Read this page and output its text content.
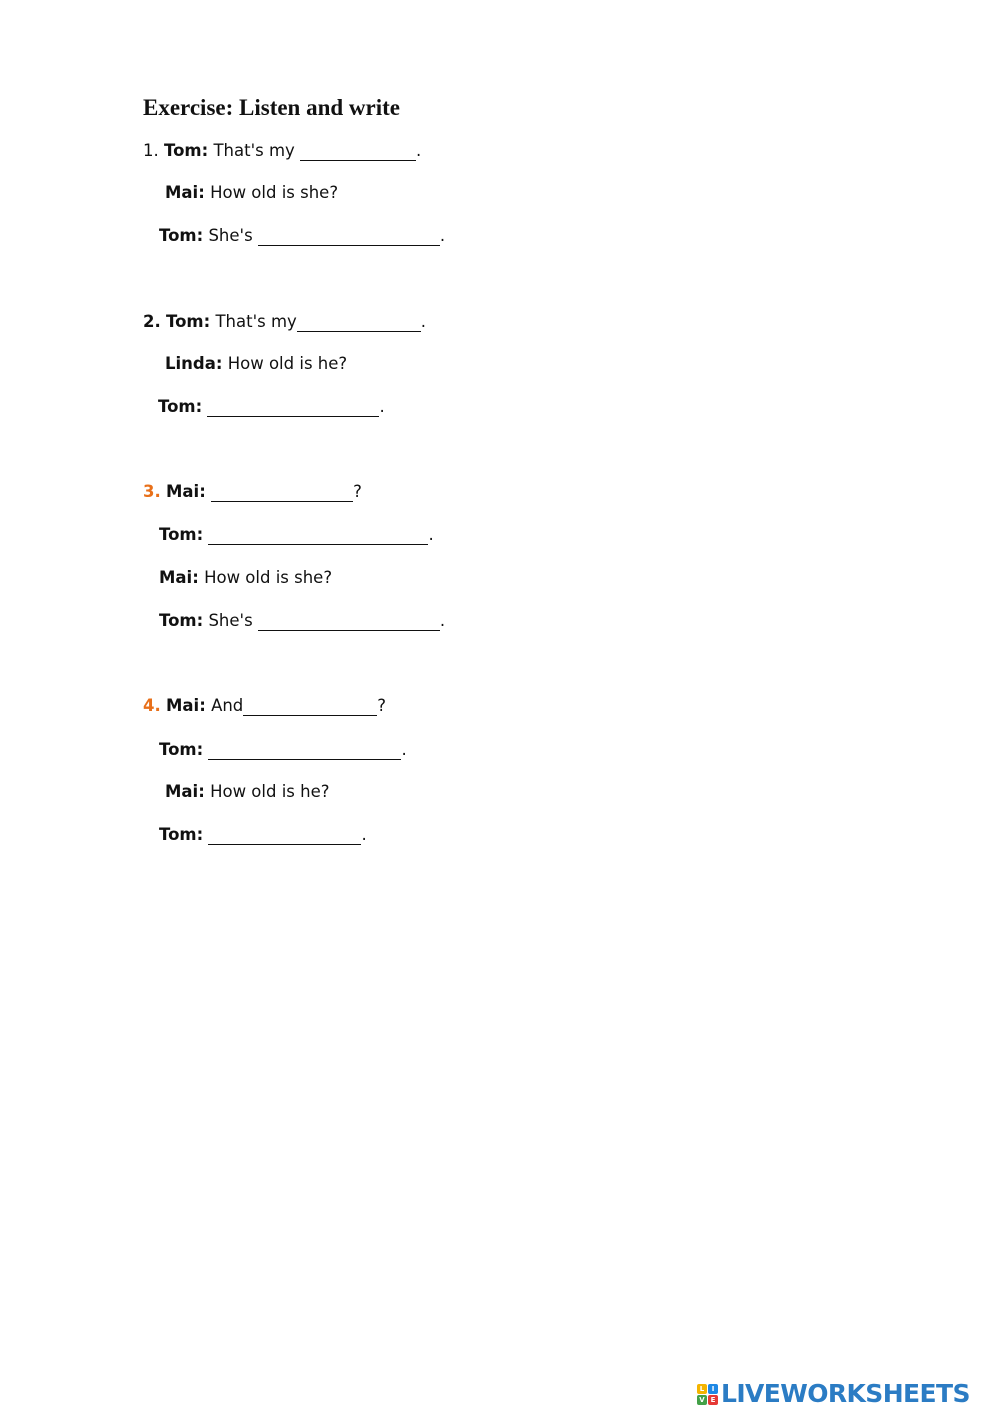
Exercise: Listen and write

1. Tom: That's my	.

Mai: How old is she?

Tom: She's	.

2. Tom: That's my	.

Linda: How old is he?

Tom:	.

3. Mai:	?

Tom:	.

Mai: How old is she?

Tom: She's	.

4. Mai: And	?

Tom:	.

Mai: How old is he?

Tom:	.

L	I
V E LIVEWORKSHEETS
